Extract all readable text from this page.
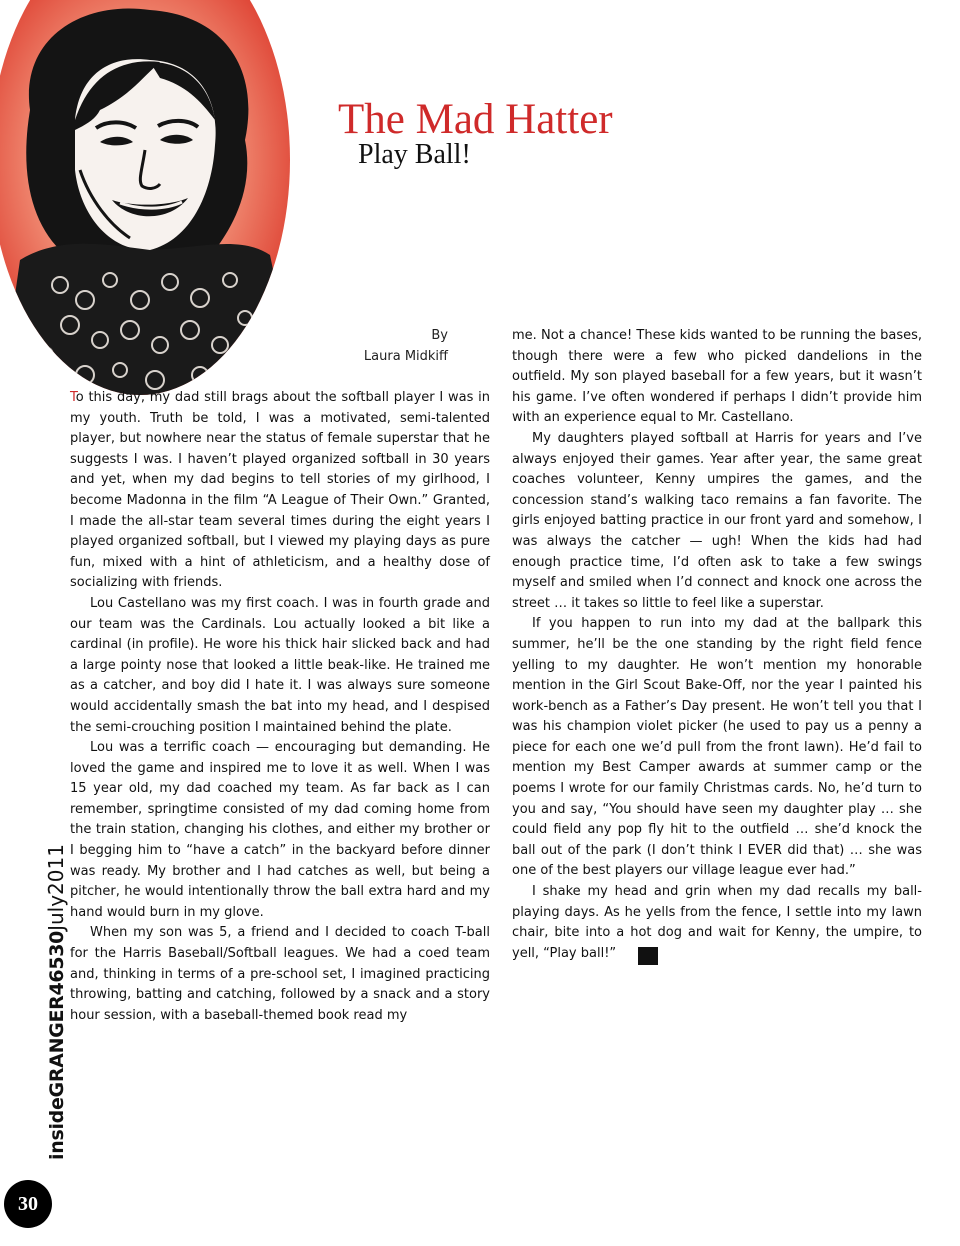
The Mad Hatter
Play Ball!
By
Laura Midkiff

To this day, my dad still brags about the softball player I was in my youth. Truth be told, I was a motivated, semi-talented player, but nowhere near the status of female superstar that he suggests I was. I haven’t played organized softball in 30 years and yet, when my dad begins to tell stories of my girlhood, I become Madonna in the film “A League of Their Own.” Granted, I made the all-star team several times during the eight years I played organized softball, but I viewed my playing days as pure fun, mixed with a hint of athleticism, and a healthy dose of socializing with friends.

Lou Castellano was my first coach. I was in fourth grade and our team was the Cardinals. Lou actually looked a bit like a cardinal (in profile). He wore his thick hair slicked back and had a large pointy nose that looked a little beak-like. He trained me as a catcher, and boy did I hate it. I was always sure someone would accidentally smash the bat into my head, and I despised the semi-crouching position I maintained behind the plate.

Lou was a terrific coach — encouraging but demanding. He loved the game and inspired me to love it as well. When I was 15 year old, my dad coached my team. As far back as I can remember, springtime consisted of my dad coming home from the train station, changing his clothes, and either my brother or I begging him to “have a catch” in the backyard before dinner was ready. My brother and I had catches as well, but being a pitcher, he would intentionally throw the ball extra hard and my hand would burn in my glove.

When my son was 5, a friend and I decided to coach T-ball for the Harris Baseball/Softball leagues. We had a coed team and, thinking in terms of a pre-school set, I imagined practicing throwing, batting and catching, followed by a snack and a story hour session, with a baseball-themed book read my

me. Not a chance! These kids wanted to be running the bases, though there were a few who picked dandelions in the outfield. My son played baseball for a few years, but it wasn’t his game. I’ve often wondered if perhaps I didn’t provide him with an experience equal to Mr. Castellano.

My daughters played softball at Harris for years and I’ve always enjoyed their games. Year after year, the same great coaches volunteer, Kenny umpires the games, and the concession stand’s walking taco remains a fan favorite. The girls enjoyed batting practice in our front yard and somehow, I was always the catcher — ugh! When the kids had had enough practice time, I’d often ask to take a few swings myself and smiled when I’d connect and knock one across the street … it takes so little to feel like a superstar.

If you happen to run into my dad at the ballpark this summer, he’ll be the one standing by the right field fence yelling to my daughter. He won’t mention my honorable mention in the Girl Scout Bake-Off, nor the year I painted his work-bench as a Father’s Day present. He won’t tell you that I was his champion violet picker (he used to pay us a penny a piece for each one we’d pull from the front lawn). He’d fail to mention my Best Camper awards at summer camp or the poems I wrote for our family Christmas cards. No, he’d turn to you and say, “You should have seen my daughter play … she could field any pop fly hit to the outfield … she’d knock the ball out of the park (I don’t think I EVER did that) … she was one of the best players our village league ever had.”

I shake my head and grin when my dad recalls my ball-playing days. As he yells from the fence, I settle into my lawn chair, bite into a hot dog and wait for Kenny, the umpire, to yell, “Play ball!”	IG

insideGRANGER46530July2011
30
